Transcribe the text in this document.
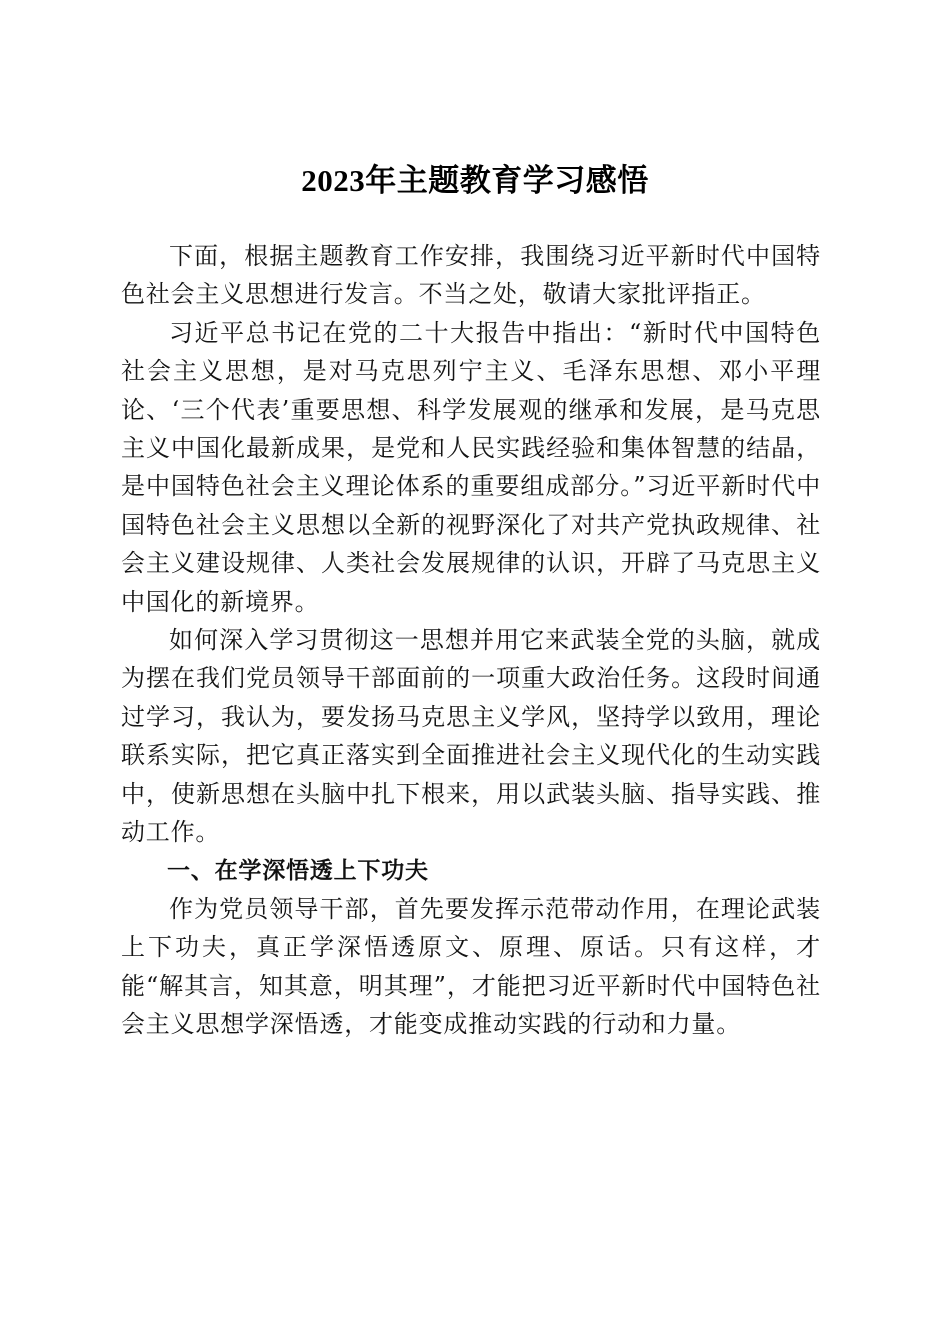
2023年主题教育学习感悟

下面，根据主题教育工作安排，我围绕习近平新时代中国特色社会主义思想进行发言。不当之处，敬请大家批评指正。

习近平总书记在党的二十大报告中指出：“新时代中国特色社会主义思想，是对马克思列宁主义、毛泽东思想、邓小平理论、‘三个代表’重要思想、科学发展观的继承和发展，是马克思主义中国化最新成果，是党和人民实践经验和集体智慧的结晶，是中国特色社会主义理论体系的重要组成部分。”习近平新时代中国特色社会主义思想以全新的视野深化了对共产党执政规律、社会主义建设规律、人类社会发展规律的认识，开辟了马克思主义中国化的新境界。

如何深入学习贯彻这一思想并用它来武装全党的头脑，就成为摆在我们党员领导干部面前的一项重大政治任务。这段时间通过学习，我认为，要发扬马克思主义学风，坚持学以致用，理论联系实际，把它真正落实到全面推进社会主义现代化的生动实践中，使新思想在头脑中扎下根来，用以武装头脑、指导实践、推动工作。

一、在学深悟透上下功夫

作为党员领导干部，首先要发挥示范带动作用，在理论武装上下功夫，真正学深悟透原文、原理、原话。只有这样，才能“解其言，知其意，明其理”，才能把习近平新时代中国特色社会主义思想学深悟透，才能变成推动实践的行动和力量。
